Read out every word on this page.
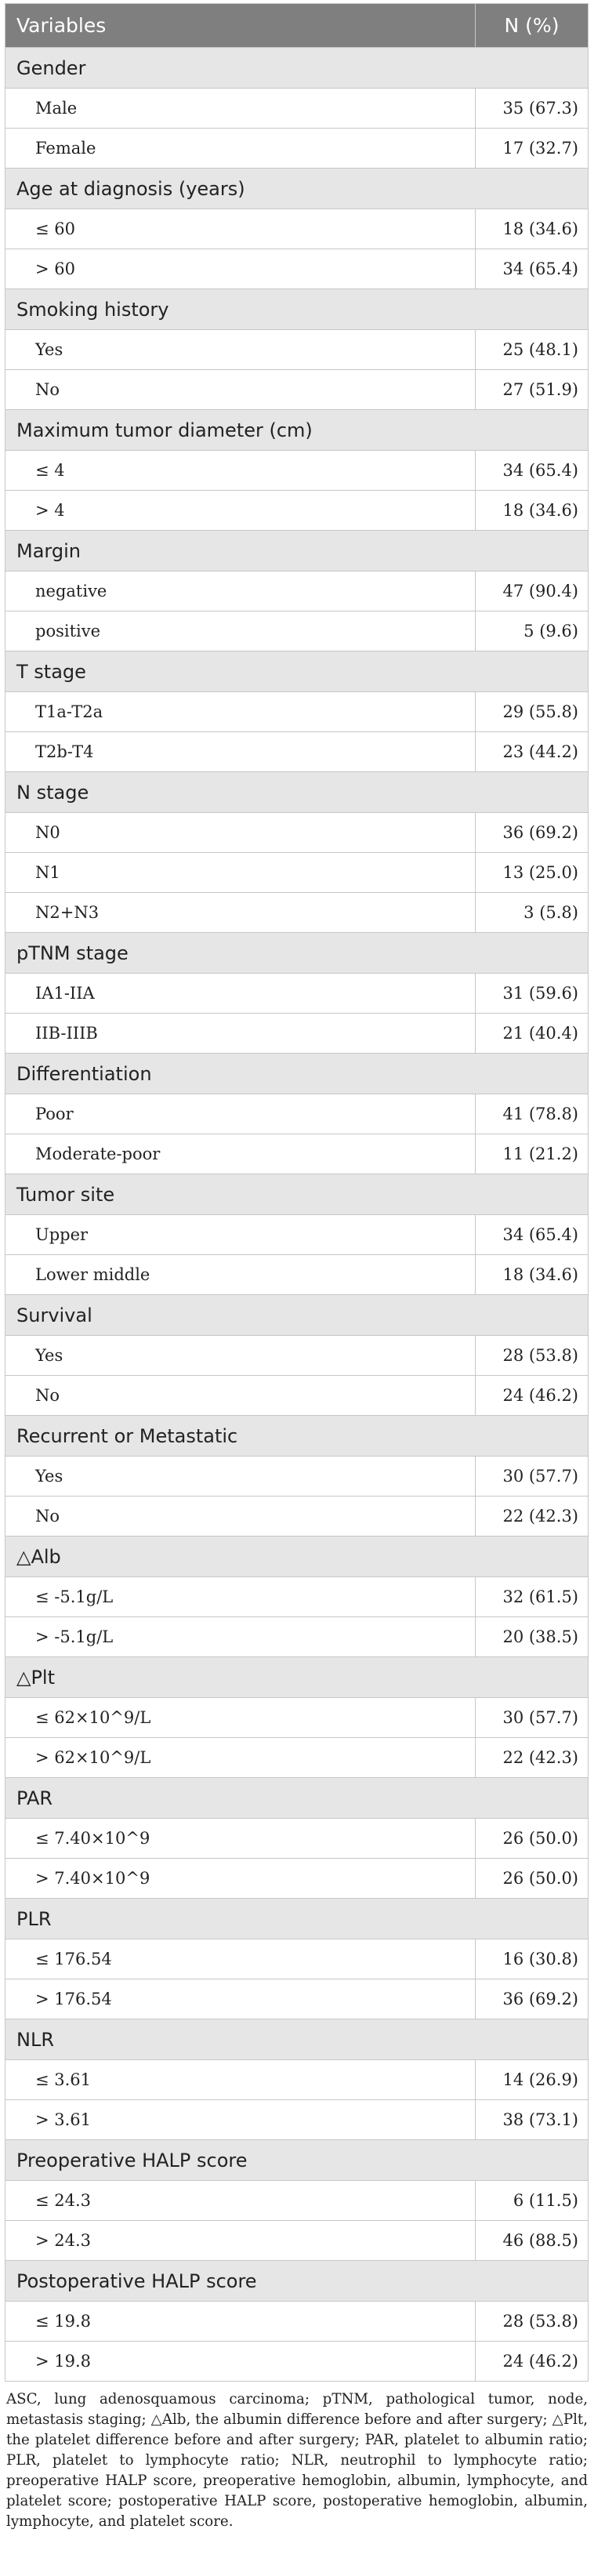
Variables	N (%)
Gender	
Male	35 (67.3)
Female	17 (32.7)
Age at diagnosis (years)	
≤ 60	18 (34.6)
> 60	34 (65.4)
Smoking history	
Yes	25 (48.1)
No	27 (51.9)
Maximum tumor diameter (cm)	
≤ 4	34 (65.4)
> 4	18 (34.6)
Margin	
negative	47 (90.4)
positive	5 (9.6)
T stage	
T1a-T2a	29 (55.8)
T2b-T4	23 (44.2)
N stage	
N0	36 (69.2)
N1	13 (25.0)
N2+N3	3 (5.8)
pTNM stage	
IA1-IIA	31 (59.6)
IIB-IIIB	21 (40.4)
Differentiation	
Poor	41 (78.8)
Moderate-poor	11 (21.2)
Tumor site	
Upper	34 (65.4)
Lower middle	18 (34.6)
Survival	
Yes	28 (53.8)
No	24 (46.2)
Recurrent or Metastatic	
Yes	30 (57.7)
No	22 (42.3)
△Alb	
≤ -5.1g/L	32 (61.5)
> -5.1g/L	20 (38.5)
△Plt	
≤ 62×10^9/L	30 (57.7)
> 62×10^9/L	22 (42.3)
PAR	
≤ 7.40×10^9	26 (50.0)
> 7.40×10^9	26 (50.0)
PLR	
≤ 176.54	16 (30.8)
> 176.54	36 (69.2)
NLR	
≤ 3.61	14 (26.9)
> 3.61	38 (73.1)
Preoperative HALP score	
≤ 24.3	6 (11.5)
> 24.3	46 (88.5)
Postoperative HALP score	
≤ 19.8	28 (53.8)
> 19.8	24 (46.2)
ASC, lung adenosquamous carcinoma; pTNM, pathological tumor, node, metastasis staging; △Alb, the albumin difference before and after surgery; △Plt, the platelet difference before and after surgery; PAR, platelet to albumin ratio; PLR, platelet to lymphocyte ratio; NLR, neutrophil to lymphocyte ratio; preoperative HALP score, preoperative hemoglobin, albumin, lymphocyte, and platelet score; postoperative HALP score, postoperative hemoglobin, albumin, lymphocyte, and platelet score.
